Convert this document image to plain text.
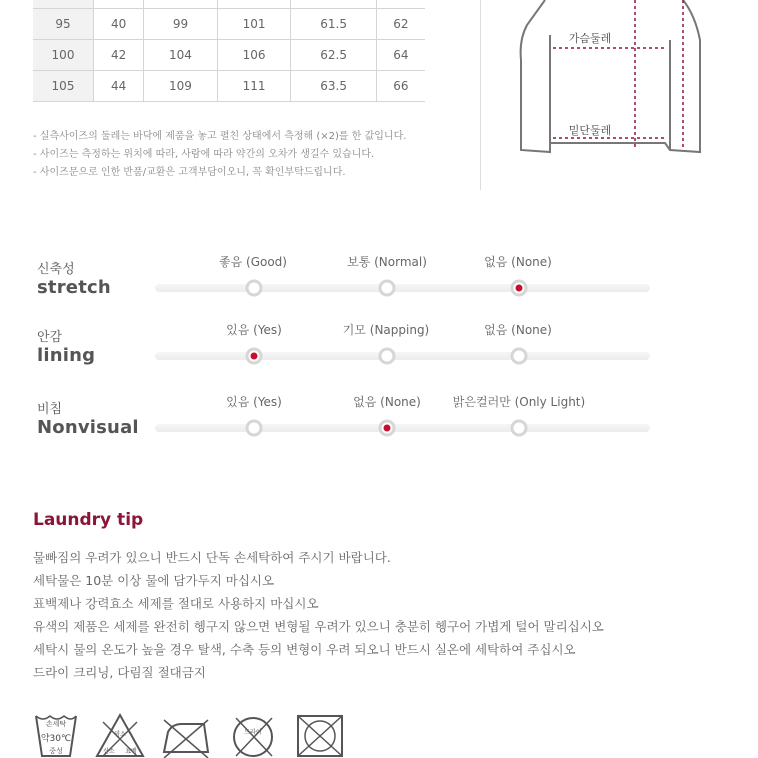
95	40	99	101	61.5	62
100	42	104	106	62.5	64
105	44	109	111	63.5	66
- 실측사이즈의 둘레는 바닥에 제품을 놓고 펼친 상태에서 측정해 (×2)를 한 값입니다.
- 사이즈는 측정하는 위치에 따라, 사람에 따라 약간의 오차가 생길수 있습니다.
- 사이즈문으로 인한 반품/교환은 고객부담이오니, 꼭 확인부탁드립니다.
가슴둘레
밑단둘레
신축성
stretch
좋음 (Good)	보통 (Normal)	없음 (None)
안감
lining
있음 (Yes)	기모 (Napping)	없음 (None)
비침
Nonvisual
있음 (Yes)	없음 (None)	밝은컬러만 (Only Light)
Laundry tip
물빠짐의 우려가 있으니 반드시 단독 손세탁하여 주시기 바랍니다.
세탁물은 10분 이상 물에 담가두지 마십시오
표백제나 강력효소 세제를 절대로 사용하지 마십시오
유색의 제품은 세제를 완전히 헹구지 않으면 변형될 우려가 있으니 충분히 헹구어 가볍게 털어 말리십시오
세탁시 물의 온도가 높을 경우 탈색, 수축 등의 변형이 우려 되오니 반드시 실온에 세탁하여 주십시오
드라이 크리닝, 다림질 절대금지
손세탁
약30℃
중성
염소
산소 표백
드라이
